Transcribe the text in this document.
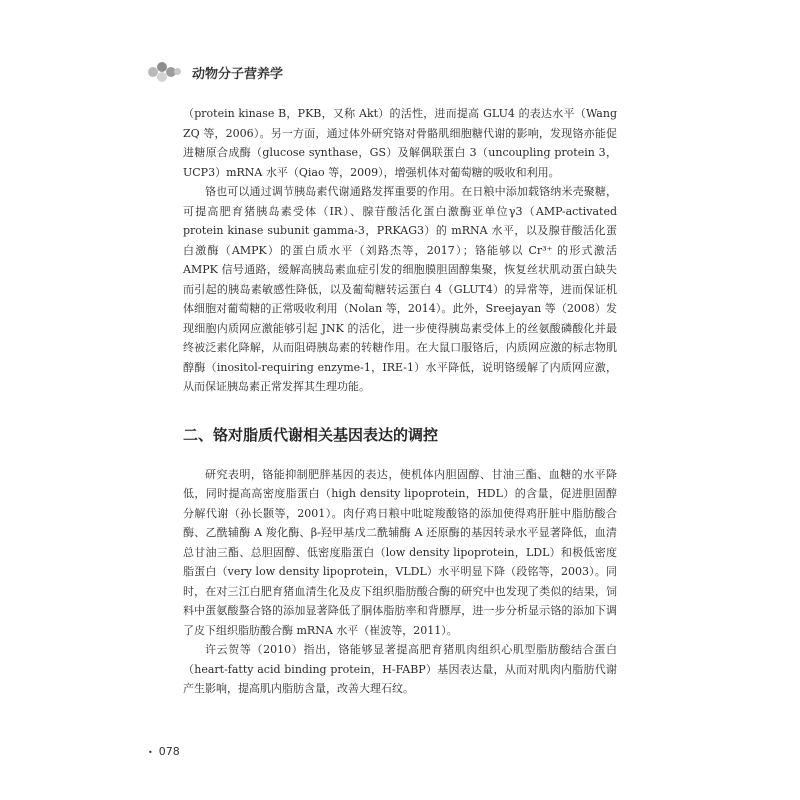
动物分子营养学

（protein kinase B，PKB，又称 Akt）的活性，进而提高 GLU4 的表达水平（Wang ZQ 等，2006）。另一方面，通过体外研究铬对骨骼肌细胞糖代谢的影响，发现铬亦能促进糖原合成酶（glucose synthase，GS）及解偶联蛋白 3（uncoupling protein 3，UCP3）mRNA 水平（Qiao 等，2009），增强机体对葡萄糖的吸收和利用。

铬也可以通过调节胰岛素代谢通路发挥重要的作用。在日粮中添加载铬纳米壳聚糖，可提高肥育猪胰岛素受体（IR）、腺苷酸活化蛋白激酶亚单位γ3（AMP-activated protein kinase subunit gamma-3，PRKAG3）的 mRNA 水平，以及腺苷酸活化蛋白激酶（AMPK）的蛋白质水平（刘路杰等，2017）；铬能够以 Cr³⁺ 的形式激活 AMPK 信号通路，缓解高胰岛素血症引发的细胞膜胆固醇集聚，恢复丝状肌动蛋白缺失而引起的胰岛素敏感性降低，以及葡萄糖转运蛋白 4（GLUT4）的异常等，进而保证机体细胞对葡萄糖的正常吸收利用（Nolan 等，2014）。此外，Sreejayan 等（2008）发现细胞内质网应激能够引起 JNK 的活化，进一步使得胰岛素受体上的丝氨酸磷酸化并最终被泛素化降解，从而阻碍胰岛素的转糖作用。在大鼠口服铬后，内质网应激的标志物肌醇酶（inositol-requiring enzyme-1，IRE-1）水平降低，说明铬缓解了内质网应激，从而保证胰岛素正常发挥其生理功能。

二、铬对脂质代谢相关基因表达的调控

研究表明，铬能抑制肥胖基因的表达，使机体内胆固醇、甘油三酯、血糖的水平降低，同时提高高密度脂蛋白（high density lipoprotein，HDL）的含量，促进胆固醇分解代谢（孙长颢等，2001）。肉仔鸡日粮中吡啶羧酸铬的添加使得鸡肝脏中脂肪酸合酶、乙酰辅酶 A 羧化酶、β-羟甲基戊二酰辅酶 A 还原酶的基因转录水平显著降低，血清总甘油三酯、总胆固醇、低密度脂蛋白（low density lipoprotein，LDL）和极低密度脂蛋白（very low density lipoprotein，VLDL）水平明显下降（段铭等，2003）。同时，在对三江白肥育猪血清生化及皮下组织脂肪酸合酶的研究中也发现了类似的结果，饲料中蛋氨酸螯合铬的添加显著降低了胴体脂肪率和背膘厚，进一步分析显示铬的添加下调了皮下组织脂肪酸合酶 mRNA 水平（崔波等，2011）。

许云贺等（2010）指出，铬能够显著提高肥育猪肌肉组织心肌型脂肪酸结合蛋白（heart-fatty acid binding protein，H-FABP）基因表达量，从而对肌肉内脂肪代谢产生影响，提高肌内脂肪含量，改善大理石纹。

• 078
